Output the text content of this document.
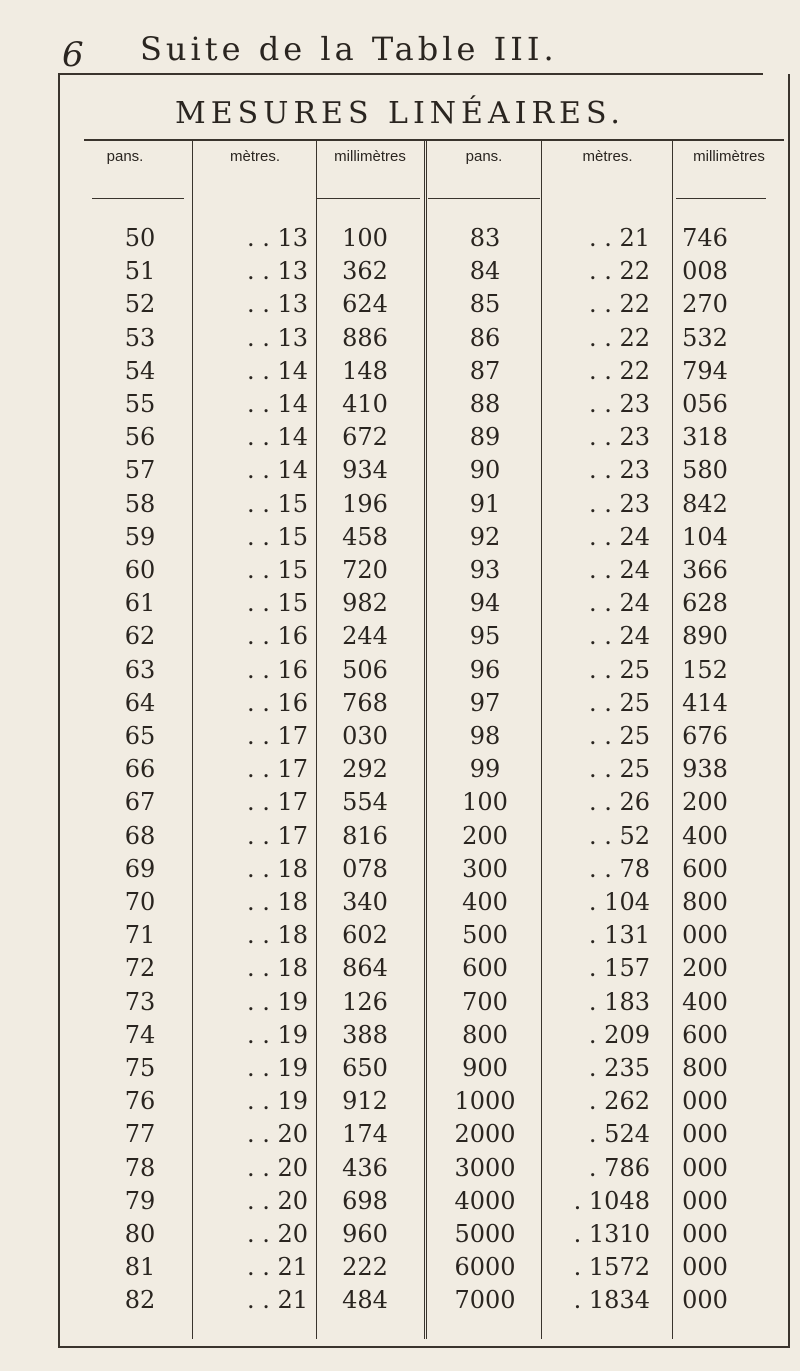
6 Suite de la Table III.
MESURES LINÉAIRES.
pans.	mètres.	millimètres	pans.	mètres.	millimètres
50	. . 13	100	83	. . 21	746
51	. . 13	362	84	. . 22	008
52	. . 13	624	85	. . 22	270
53	. . 13	886	86	. . 22	532
54	. . 14	148	87	. . 22	794
55	. . 14	410	88	. . 23	056
56	. . 14	672	89	. . 23	318
57	. . 14	934	90	. . 23	580
58	. . 15	196	91	. . 23	842
59	. . 15	458	92	. . 24	104
60	. . 15	720	93	. . 24	366
61	. . 15	982	94	. . 24	628
62	. . 16	244	95	. . 24	890
63	. . 16	506	96	. . 25	152
64	. . 16	768	97	. . 25	414
65	. . 17	030	98	. . 25	676
66	. . 17	292	99	. . 25	938
67	. . 17	554	100	. . 26	200
68	. . 17	816	200	. . 52	400
69	. . 18	078	300	. . 78	600
70	. . 18	340	400	. 104	800
71	. . 18	602	500	. 131	000
72	. . 18	864	600	. 157	200
73	. . 19	126	700	. 183	400
74	. . 19	388	800	. 209	600
75	. . 19	650	900	. 235	800
76	. . 19	912	1000	. 262	000
77	. . 20	174	2000	. 524	000
78	. . 20	436	3000	. 786	000
79	. . 20	698	4000	. 1048	000
80	. . 20	960	5000	. 1310	000
81	. . 21	222	6000	. 1572	000
82	. . 21	484	7000	. 1834	000
